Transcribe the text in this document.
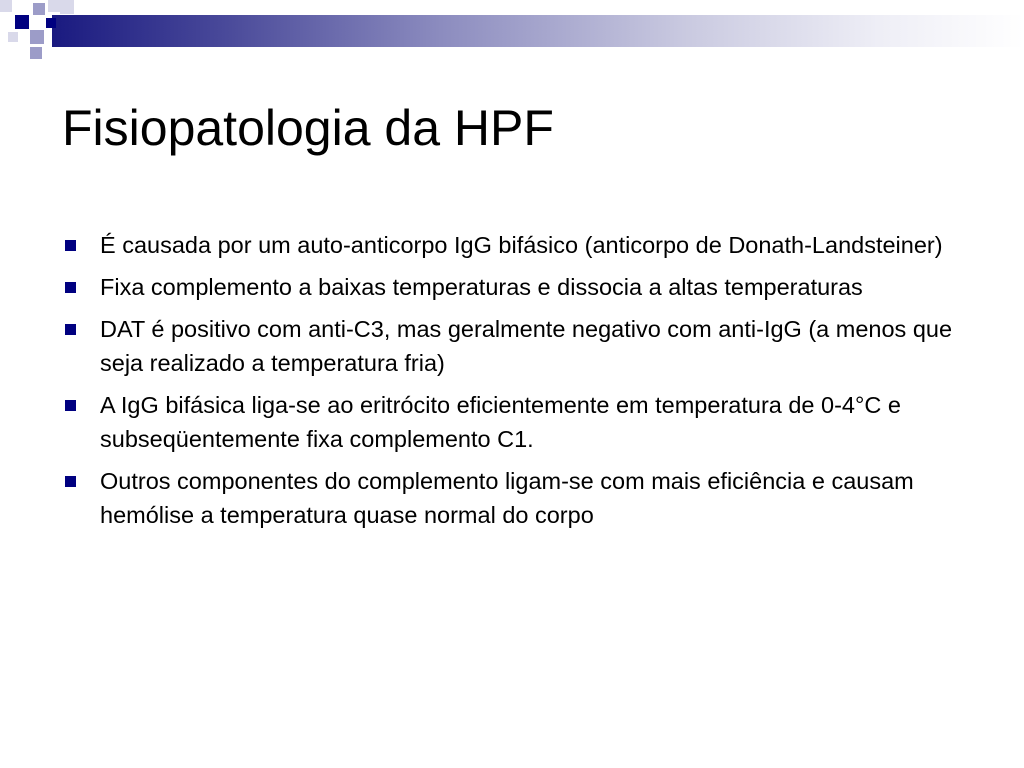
Fisiopatologia da HPF
É causada por um auto-anticorpo IgG bifásico (anticorpo de Donath-Landsteiner)
Fixa complemento a baixas temperaturas e dissocia a altas temperaturas
DAT é positivo com anti-C3, mas geralmente negativo com anti-IgG (a menos que seja realizado a temperatura fria)
A IgG bifásica liga-se ao eritrócito eficientemente em temperatura de 0-4°C e subseqüentemente fixa complemento C1.
Outros componentes do complemento ligam-se com mais eficiência e causam hemólise a temperatura quase normal do corpo
